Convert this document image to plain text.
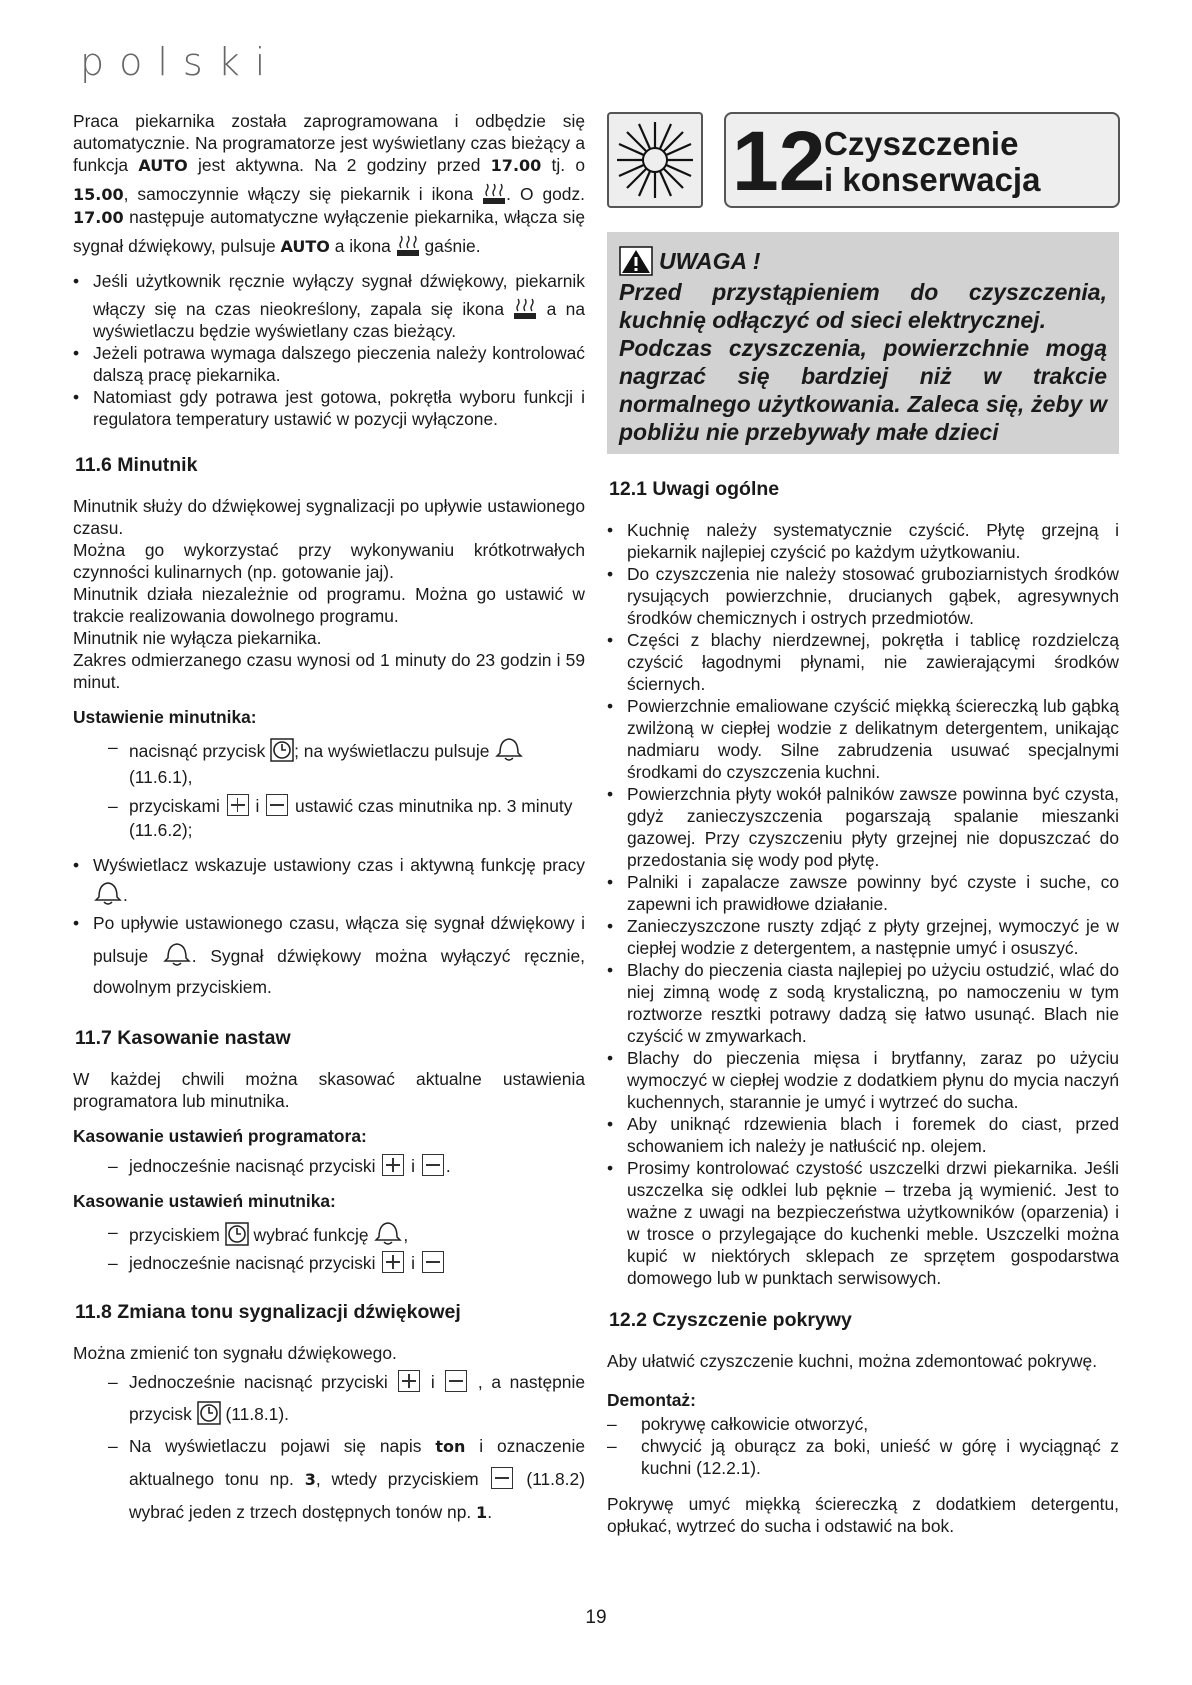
polski

Praca piekarnika została zaprogramowana i odbędzie się automatycznie. Na programatorze jest wyświetlany czas bieżący a funkcja AUTO jest aktywna. Na 2 godziny przed 17.00 tj. o 15.00, samoczynnie włączy się piekarnik i ikona . O godz. 17.00 następuje automatyczne wyłączenie piekarnika, włącza się sygnał dźwiękowy, pulsuje AUTO a ikona  gaśnie.

• Jeśli użytkownik ręcznie wyłączy sygnał dźwiękowy, piekarnik włączy się na czas nieokreślony, zapala się ikona  a na wyświetlaczu będzie wyświetlany czas bieżący.
• Jeżeli potrawa wymaga dalszego pieczenia należy kontrolować dalszą pracę piekarnika.
• Natomiast gdy potrawa jest gotowa, pokrętła wyboru funkcji i regulatora temperatury ustawić w pozycji wyłączone.
11.6 Minutnik

Minutnik służy do dźwiękowej sygnalizacji po upływie ustawionego czasu.

Można go wykorzystać przy wykonywaniu krótkotrwałych czynności kulinarnych (np. gotowanie jaj).

Minutnik działa niezależnie od programu. Można go ustawić w trakcie realizowania dowolnego programu.

Minutnik nie wyłącza piekarnika.

Zakres odmierzanego czasu wynosi od 1 minuty do 23 godzin i 59 minut.

Ustawienie minutnika:
– nacisnąć przycisk ; na wyświetlaczu pulsuje  (11.6.1),
– przyciskami  i  ustawić czas minutnika np. 3 minuty (11.6.2);
• Wyświetlacz wskazuje ustawiony czas i aktywną funkcję pracy .
• Po upływie ustawionego czasu, włącza się sygnał dźwiękowy i pulsuje . Sygnał dźwiękowy można wyłączyć ręcznie, dowolnym przyciskiem.
11.7 Kasowanie nastaw

W każdej chwili można skasować aktualne ustawienia programatora lub minutnika.

Kasowanie ustawień programatora:
– jednocześnie nacisnąć przyciski  i .
Kasowanie ustawień minutnika:
– przyciskiem  wybrać funkcję ,
– jednocześnie nacisnąć przyciski  i
11.8 Zmiana tonu sygnalizacji dźwiękowej

Można zmienić ton sygnału dźwiękowego.

– Jednocześnie nacisnąć przyciski  i  , a następnie przycisk  (11.8.1).
– Na wyświetlaczu pojawi się napis ton i oznaczenie aktualnego tonu np. 3, wtedy przyciskiem  (11.8.2) wybrać jeden z trzech dostępnych tonów np. 1.
12
Czyszczenie
i konserwacja
UWAGA !

Przed przystąpieniem do czyszczenia, kuchnię odłączyć od sieci elektrycznej.

Podczas czyszczenia, powierzchnie mogą nagrzać się bardziej niż w trakcie normalnego użytkowania. Zaleca się, żeby w pobliżu nie przebywały małe dzieci

12.1 Uwagi ogólne
• Kuchnię należy systematycznie czyścić. Płytę grzejną i piekarnik najlepiej czyścić po każdym użytkowaniu.
• Do czyszczenia nie należy stosować gruboziarnistych środków rysujących powierzchnie, drucianych gąbek, agresywnych środków chemicznych i ostrych przedmiotów.
• Części z blachy nierdzewnej, pokrętła i tablicę rozdzielczą czyścić łagodnymi płynami, nie zawierającymi środków ściernych.
• Powierzchnie emaliowane czyścić miękką ściereczką lub gąbką zwilżoną w ciepłej wodzie z delikatnym detergentem, unikając nadmiaru wody. Silne zabrudzenia usuwać specjalnymi środkami do czyszczenia kuchni.
• Powierzchnia płyty wokół palników zawsze powinna być czysta, gdyż zanieczyszczenia pogarszają spalanie mieszanki gazowej. Przy czyszczeniu płyty grzejnej nie dopuszczać do przedostania się wody pod płytę.
• Palniki i zapalacze zawsze powinny być czyste i suche, co zapewni ich prawidłowe działanie.
• Zanieczyszczone ruszty zdjąć z płyty grzejnej, wymoczyć je w ciepłej wodzie z detergentem, a następnie umyć i osuszyć.
• Blachy do pieczenia ciasta najlepiej po użyciu ostudzić, wlać do niej zimną wodę z sodą krystaliczną, po namoczeniu w tym roztworze resztki potrawy dadzą się łatwo usunąć. Blach nie czyścić w zmywarkach.
• Blachy do pieczenia mięsa i brytfanny, zaraz po użyciu wymoczyć w ciepłej wodzie z dodatkiem płynu do mycia naczyń kuchennych, starannie je umyć i wytrzeć do sucha.
• Aby uniknąć rdzewienia blach i foremek do ciast, przed schowaniem ich należy je natłuścić np. olejem.
• Prosimy kontrolować czystość uszczelki drzwi piekarnika. Jeśli uszczelka się odklei lub pęknie – trzeba ją wymienić. Jest to ważne z uwagi na bezpieczeństwa użytkowników (oparzenia) i w trosce o przylegające do kuchenki meble. Uszczelki można kupić w niektórych sklepach ze sprzętem gospodarstwa domowego lub w punktach serwisowych.
12.2 Czyszczenie pokrywy

Aby ułatwić czyszczenie kuchni, można zdemontować pokrywę.

Demontaż:
– pokrywę całkowicie otworzyć,
– chwycić ją oburącz za boki, unieść w górę i wyciągnąć z kuchni (12.2.1).

Pokrywę umyć miękką ściereczką z dodatkiem detergentu, opłukać, wytrzeć do sucha i odstawić na bok.

19
